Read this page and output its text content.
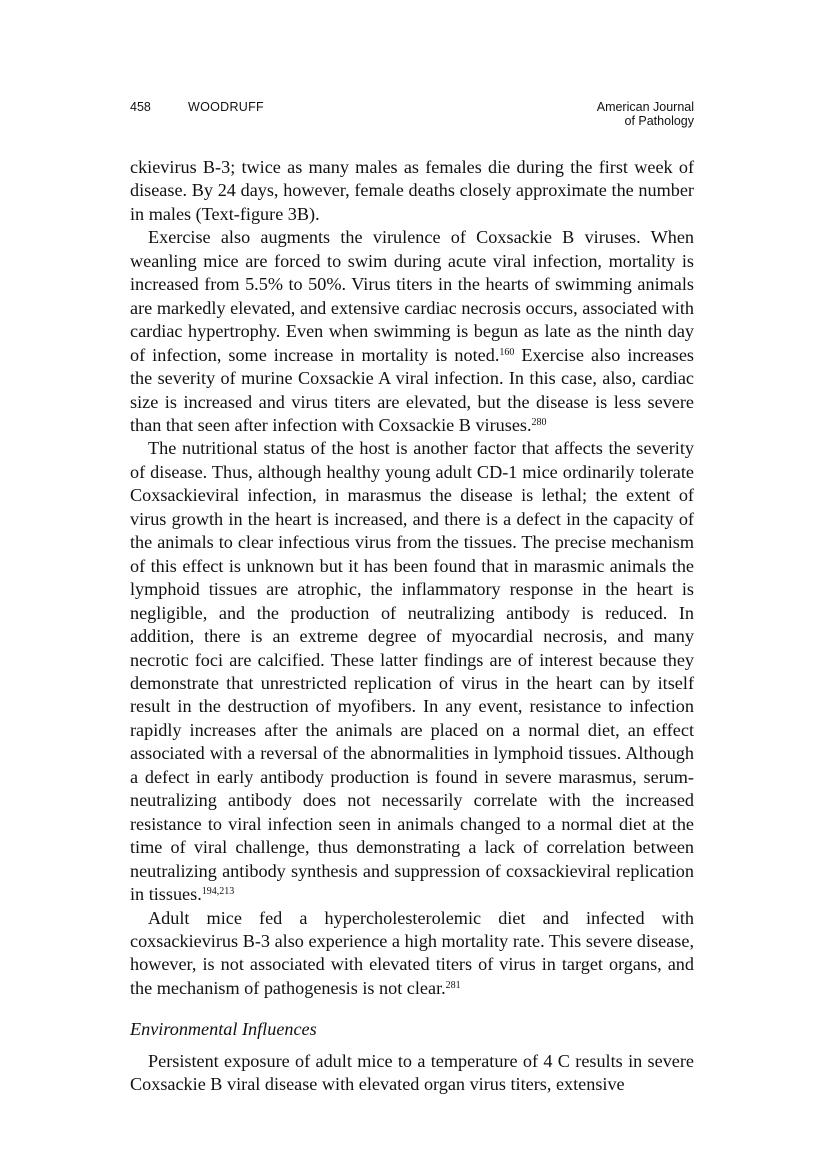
458	WOODRUFF	American Journal
of Pathology

ckievirus B-3; twice as many males as females die during the first week of disease. By 24 days, however, female deaths closely approximate the number in males (Text-figure 3B).

Exercise also augments the virulence of Coxsackie B viruses. When weanling mice are forced to swim during acute viral infection, mortality is increased from 5.5% to 50%. Virus titers in the hearts of swimming animals are markedly elevated, and extensive cardiac necrosis occurs, associated with cardiac hypertrophy. Even when swimming is begun as late as the ninth day of infection, some increase in mortality is noted.$^{160}$ Exercise also increases the severity of murine Coxsackie A viral infection. In this case, also, cardiac size is increased and virus titers are elevated, but the disease is less severe than that seen after infection with Coxsackie B viruses.$^{280}$

The nutritional status of the host is another factor that affects the severity of disease. Thus, although healthy young adult CD-1 mice ordinarily tolerate Coxsackieviral infection, in marasmus the disease is lethal; the extent of virus growth in the heart is increased, and there is a defect in the capacity of the animals to clear infectious virus from the tissues. The precise mechanism of this effect is unknown but it has been found that in marasmic animals the lymphoid tissues are atrophic, the inflammatory response in the heart is negligible, and the production of neutralizing antibody is reduced. In addition, there is an extreme degree of myocardial necrosis, and many necrotic foci are calcified. These latter findings are of interest because they demonstrate that unrestricted replication of virus in the heart can by itself result in the destruction of myofibers. In any event, resistance to infection rapidly increases after the animals are placed on a normal diet, an effect associated with a reversal of the abnormalities in lymphoid tissues. Although a defect in early antibody production is found in severe marasmus, serum-neutralizing antibody does not necessarily correlate with the increased resistance to viral infection seen in animals changed to a normal diet at the time of viral challenge, thus demonstrating a lack of correlation between neutralizing antibody synthesis and suppression of coxsackieviral replication in tissues.$^{194,213}$

Adult mice fed a hypercholesterolemic diet and infected with coxsackievirus B-3 also experience a high mortality rate. This severe disease, however, is not associated with elevated titers of virus in target organs, and the mechanism of pathogenesis is not clear.$^{281}$

Environmental Influences

Persistent exposure of adult mice to a temperature of 4 C results in severe Coxsackie B viral disease with elevated organ virus titers, extensive
